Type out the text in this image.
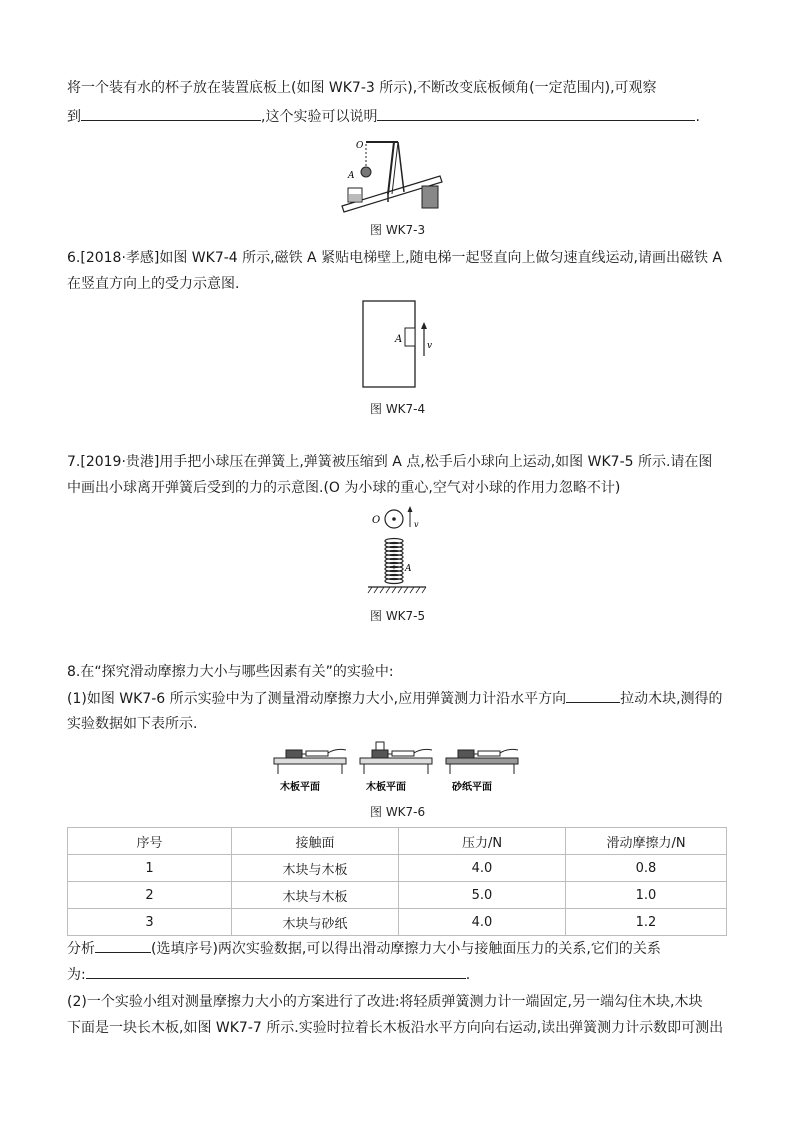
将一个装有水的杯子放在装置底板上(如图 WK7-3 所示),不断改变底板倾角(一定范围内),可观察
到	,这个实验可以说明	.
O
A
图 WK7-3
6.[2018·孝感]如图 WK7-4 所示,磁铁 A 紧贴电梯壁上,随电梯一起竖直向上做匀速直线运动,请画出磁铁 A
在竖直方向上的受力示意图.
A
v
图 WK7-4
7.[2019·贵港]用手把小球压在弹簧上,弹簧被压缩到 A 点,松手后小球向上运动,如图 WK7-5 所示.请在图
中画出小球离开弹簧后受到的力的示意图.(O 为小球的重心,空气对小球的作用力忽略不计)
O	v
A
图 WK7-5
8.在“探究滑动摩擦力大小与哪些因素有关”的实验中:
(1)如图 WK7-6 所示实验中为了测量滑动摩擦力大小,应用弹簧测力计沿水平方向	拉动木块,测得的
实验数据如下表所示.
木板平面	木板平面	砂纸平面
图 WK7-6
序号	接触面	压力/N	滑动摩擦力/N
1	木块与木板	4.0	0.8
2	木块与木板	5.0	1.0
3	木块与砂纸	4.0	1.2
分析	(选填序号)两次实验数据,可以得出滑动摩擦力大小与接触面压力的关系,它们的关系
为:	.
(2)一个实验小组对测量摩擦力大小的方案进行了改进:将轻质弹簧测力计一端固定,另一端勾住木块,木块
下面是一块长木板,如图 WK7-7 所示.实验时拉着长木板沿水平方向向右运动,读出弹簧测力计示数即可测出
